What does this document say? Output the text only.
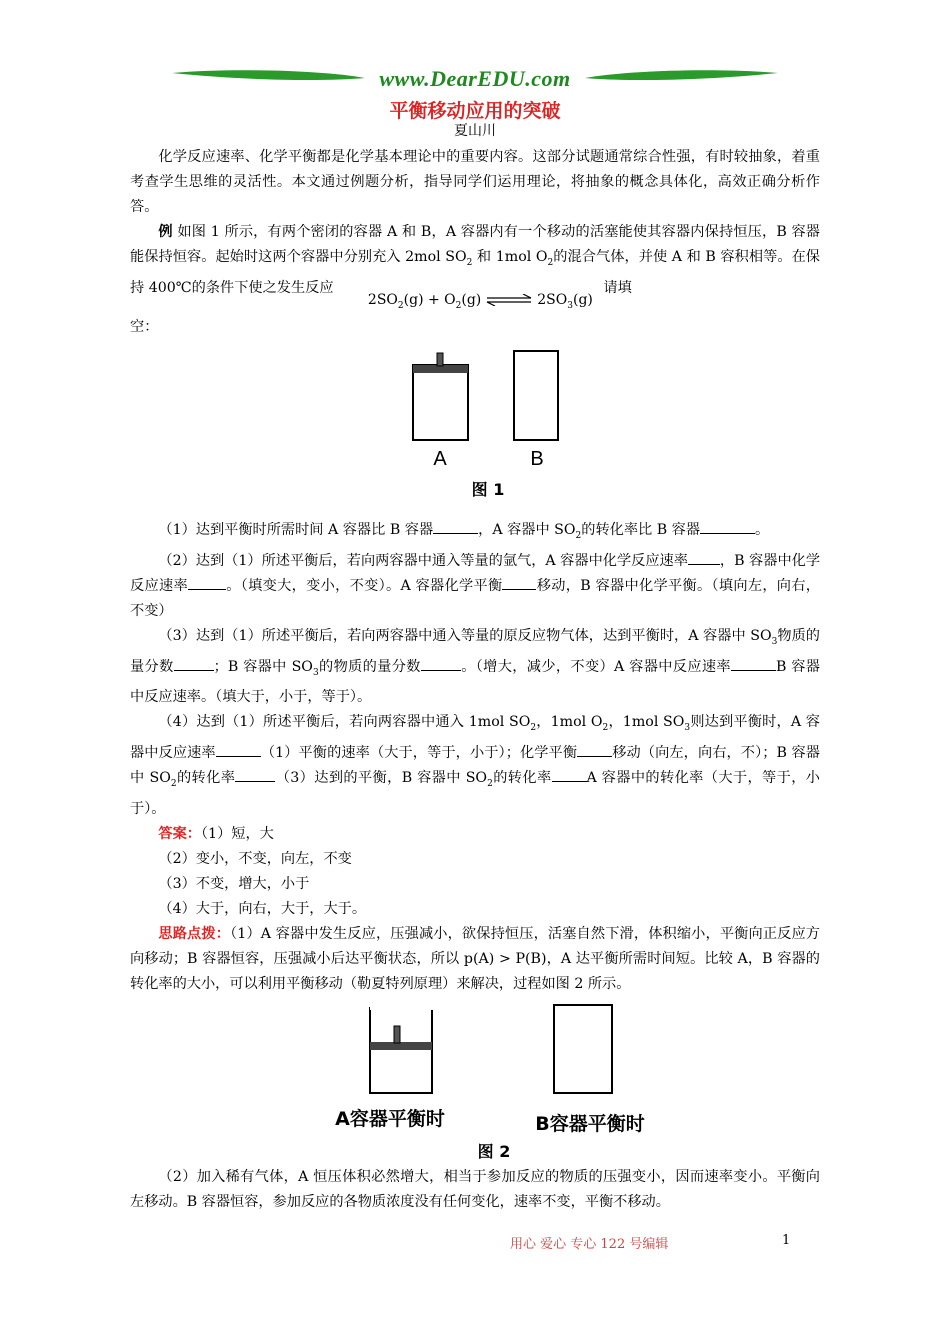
www.DearEDU.com
平衡移动应用的突破
夏山川

化学反应速率、化学平衡都是化学基本理论中的重要内容。这部分试题通常综合性强，有时较抽象，着重考查学生思维的灵活性。本文通过例题分析，指导同学们运用理论，将抽象的概念具体化，高效正确分析作答。

例 如图 1 所示，有两个密闭的容器 A 和 B，A 容器内有一个移动的活塞能使其容器内保持恒压，B 容器能保持恒容。起始时这两个容器中分别充入 2mol $SO_2$ 和 1mol $O_2$的混合气体，并使 A 和 B 容积相等。在保持 400℃的条件下使之发生反应$2SO_2(g) + O_2(g)$ ⇌ $2SO_3(g)$ 请填

空：

A	B
图 1

（1）达到平衡时所需时间 A 容器比 B 容器	，A 容器中 $SO_2$的转化率比 B 容器	。

（2）达到（1）所述平衡后，若向两容器中通入等量的氩气，A 容器中化学反应速率 ，B 容器中化学反应速率	。（填变大，变小，不变）。A 容器化学平衡 移动，B 容器中化学平衡。（填向左，向右，不变）

（3）达到（1）所述平衡后，若向两容器中通入等量的原反应物气体，达到平衡时，A 容器中 $SO_3$物质的量分数	；B 容器中 $SO_3$的物质的量分数	。（增大，减少，不变）A 容器中反应速率	B 容器中反应速率。（填大于，小于，等于）。

（4）达到（1）所述平衡后，若向两容器中通入 1mol $SO_2$，1mol $O_2$，1mol $SO_3$则达到平衡时，A 容器中反应速率	（1）平衡的速率（大于，等于，小于）；化学平衡 移动（向左，向右，不）；B 容器中 $SO_2$的转化率	（3）达到的平衡，B 容器中 $SO_2$的转化率 A 容器中的转化率（大于，等于，小于）。

答案：（1）短，大

（2）变小，不变，向左，不变

（3）不变，增大，小于

（4）大于，向右，大于，大于。

思路点拨：（1）A 容器中发生反应，压强减小，欲保持恒压，活塞自然下滑，体积缩小，平衡向正反应方向移动；B 容器恒容，压强减小后达平衡状态，所以 p(A) > P(B)，A 达平衡所需时间短。比较 A，B 容器的转化率的大小，可以利用平衡移动（勒夏特列原理）来解决，过程如图 2 所示。

A容器平衡时	B容器平衡时
图 2

（2）加入稀有气体，A 恒压体积必然增大，相当于参加反应的物质的压强变小，因而速率变小。平衡向左移动。B 容器恒容，参加反应的各物质浓度没有任何变化，速率不变，平衡不移动。

用心 爱心 专心 122 号编辑	1
